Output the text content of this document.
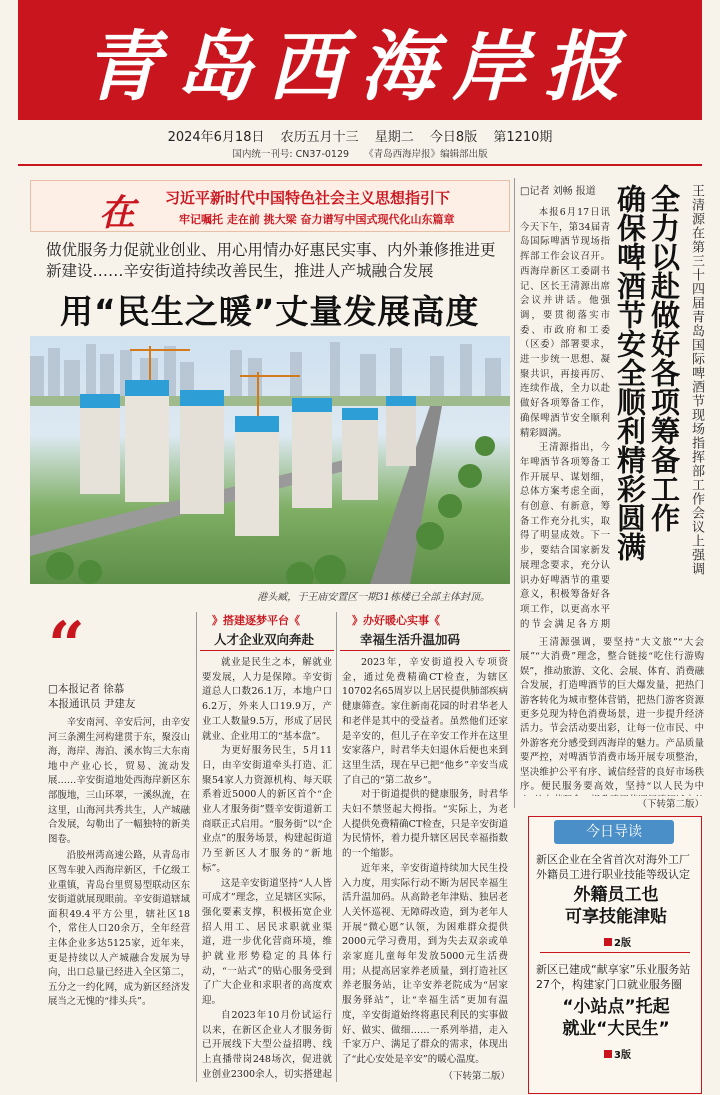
青岛西海岸报
2024年6月18日 农历五月十三 星期二 今日8版 第1210期
国内统一刊号: CN37-0129 《青岛西海岸报》编辑部出版
在 习近平新时代中国特色社会主义思想指引下
牢记嘱托 走在前 挑大梁 奋力谱写中国式现代化山东篇章
做优服务力促就业创业、用心用情办好惠民实事、内外兼修推进更新建设……辛安街道持续改善民生，推进人产城融合发展
用“民生之暖”丈量发展高度
港头臧，于王庙安置区一期31栋楼已全部主体封顶。
“
□本报记者 徐慕
本报通讯员 尹建友

辛安南河、辛安后河，由辛安河三条溯生河构建贯于东，聚沒山海，海岸、海泊、溪水钩三大东南地中产业心长，贸易、流动发展……辛安街道地处西海岸新区东部腹地，三山环翠，一溪纵流，在这里，山海河共秀共生，人产城融合发展，勾勒出了一幅独特的新美图卷。

沿胶州湾高速公路，从青岛市区驾车驶入西海岸新区，千亿级工业重镇，青岛台里贸易型联动区东安街道就展现眼前。辛安街道辖域面积49.4平方公里，辖社区18个，常住人口20余万，全年经营主体企业多达5125家，近年来，更是持续以人产城融合发展为导向，出口总量已经进入全区第二，五分之一约化网，成为新区经济发展当之无愧的“排头兵”。

》搭建逐梦平台《
人才企业双向奔赴

就业是民生之本，解就业要发展，人力是保障。辛安街道总人口数26.1万，本地户口6.2万，外来人口19.9万，产业工人数量9.5万，形成了居民就业、企业用工的“基本盘”。

为更好服务民生，5月11日，由辛安街道牵头打造、汇聚54家人力资源机构、每天联系着近5000人的新区首个“企业人才服务街”暨辛安街道新工商联正式启用。“服务街”以“企业点”的服务场景，构建起街道乃至新区人才服务的“新地标”。

这是辛安街道坚持“人人皆可成才”理念，立足辖区实际，强化要素支撑，积极拓宽企业招人用工、居民求职就业渠道，进一步优化营商环境，维护就业形势稳定的具体行动，“一站式”的贴心服务受到了广大企业和求职者的高度欢迎。

自2023年10月份试运行以来，在新区企业人才服务街已开展线下大型公益招聘、线上直播带岗248场次，促进就业创业2300余人，切实搭建起

》办好暖心实事《
幸福生活升温加码

2023年，辛安街道投入专项资金，通过免费精确CT检查，为辖区10702名65周岁以上居民提供肺部疾病健康筛查。家住新南花园的时君华老人和老伴是其中的受益者。虽然他们还家是辛安的，但儿子在辛安工作并在这里安家落户，时君华夫妇退休后便也来到这里生活，现在早已把“他乡”辛安当成了自己的“第二故乡”。

对于街道提供的健康服务，时君华夫妇不禁竖起大拇指。“实际上，为老人提供免费精确CT检查，只是辛安街道为民情怀，着力提升辖区居民幸福指数的一个缩影。

近年来，辛安街道持续加大民生投入力度，用实际行动不断为居民幸福生活升温加码。从高龄老年津贴、独居老人关怀巡视、无障碍改造，到为老年人开展“微心愿”认领，为困难群众提供2000元学习费用，到为失去双亲或单亲家庭儿童每年发放5000元生活费用；从提高居家养老质量，到打造社区养老服务站，让辛安养老院成为“居家服务驿站”，让“幸福生活”更加有温度，辛安街道始终将惠民利民的实事做好、做实、做细……一系列举措，走入千家万户、满足了群众的需求，体现出了“此心安处是辛安”的暖心温度。

（下转第二版）
王清源在第三十四届青岛国际啤酒节现场指挥部工作会议上强调
全力以赴做好各项筹备工作
确保啤酒节安全顺利精彩圆满
□记者 刘畅 报道

本报6月17日讯 今天下午，第34届青岛国际啤酒节现场指挥部工作会议召开。西海岸新区工委副书记、区长王清源出席会议并讲话。他强调，要贯彻落实市委、市政府和工委（区委）部署要求，进一步统一思想、凝聚共识，再接再厉、连续作战，全力以赴做好各项筹备工作，确保啤酒节安全顺利精彩圆满。

王清源指出，今年啤酒节各项筹备工作开展早、谋划细，总体方案考虑全面，有创意、有新意，筹备工作充分扎实，取得了明显成效。下一步，要结合国家新发展理念要求，充分认识办好啤酒节的重要意义，积极筹备好各项工作，以更高水平的节会满足各方期

王清源强调，要坚持“大文旅”“大会展”“大消费”理念，整合链接“吃住行游购娱”，推动旅游、文化、会展、体育、消费融合发展，打造啤酒节的巨大爆发量，把热门游客转化为城市整体营销，把热门游客资源更多兑现为特色消费场景，进一步提升经济活力。节会活动要出彩，让每一位市民、中外游客充分感受到西海岸的魅力。产品质量要严控，对啤酒节消费市场开展专项整治，坚决维护公平有序、诚信经营的良好市场秩序。便民服务要高效，坚持“以人民为中

（下转第二版）
今日导读
新区企业在全省首次对海外工厂外籍员工进行职业技能等级认定
外籍员工也
可享技能津贴
2版
新区已建成“献享家”乐业服务站27个，构建家门口就业服务圈
“小站点”托起
就业“大民生”
3版
